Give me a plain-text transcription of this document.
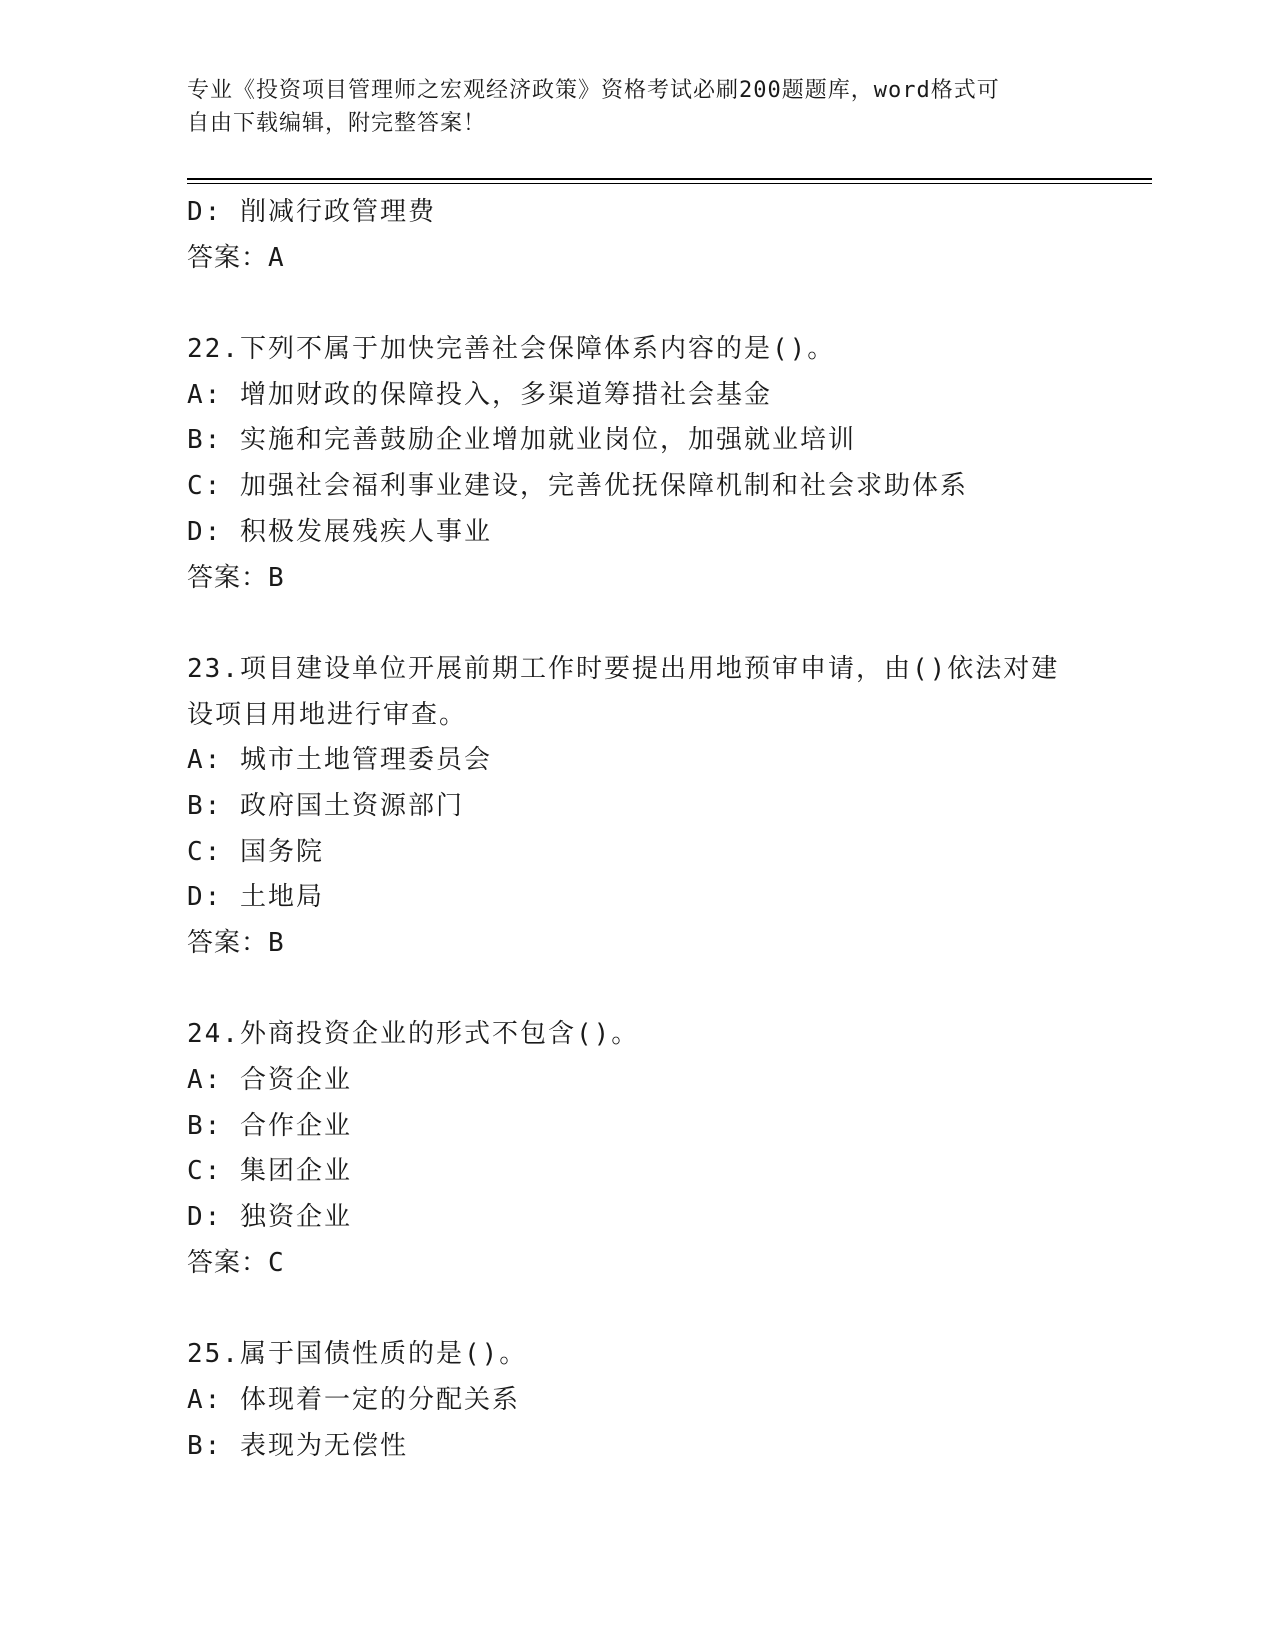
专业《投资项目管理师之宏观经济政策》资格考试必刷200题题库，word格式可
自由下载编辑，附完整答案！
D: 削减行政管理费
答案：A
22.下列不属于加快完善社会保障体系内容的是()。
A: 增加财政的保障投入，多渠道筹措社会基金
B: 实施和完善鼓励企业增加就业岗位，加强就业培训
C: 加强社会福利事业建设，完善优抚保障机制和社会求助体系
D: 积极发展残疾人事业
答案：B
23.项目建设单位开展前期工作时要提出用地预审申请，由()依法对建
设项目用地进行审查。
A: 城市土地管理委员会
B: 政府国土资源部门
C: 国务院
D: 土地局
答案：B
24.外商投资企业的形式不包含()。
A: 合资企业
B: 合作企业
C: 集团企业
D: 独资企业
答案：C
25.属于国债性质的是()。
A: 体现着一定的分配关系
B: 表现为无偿性
